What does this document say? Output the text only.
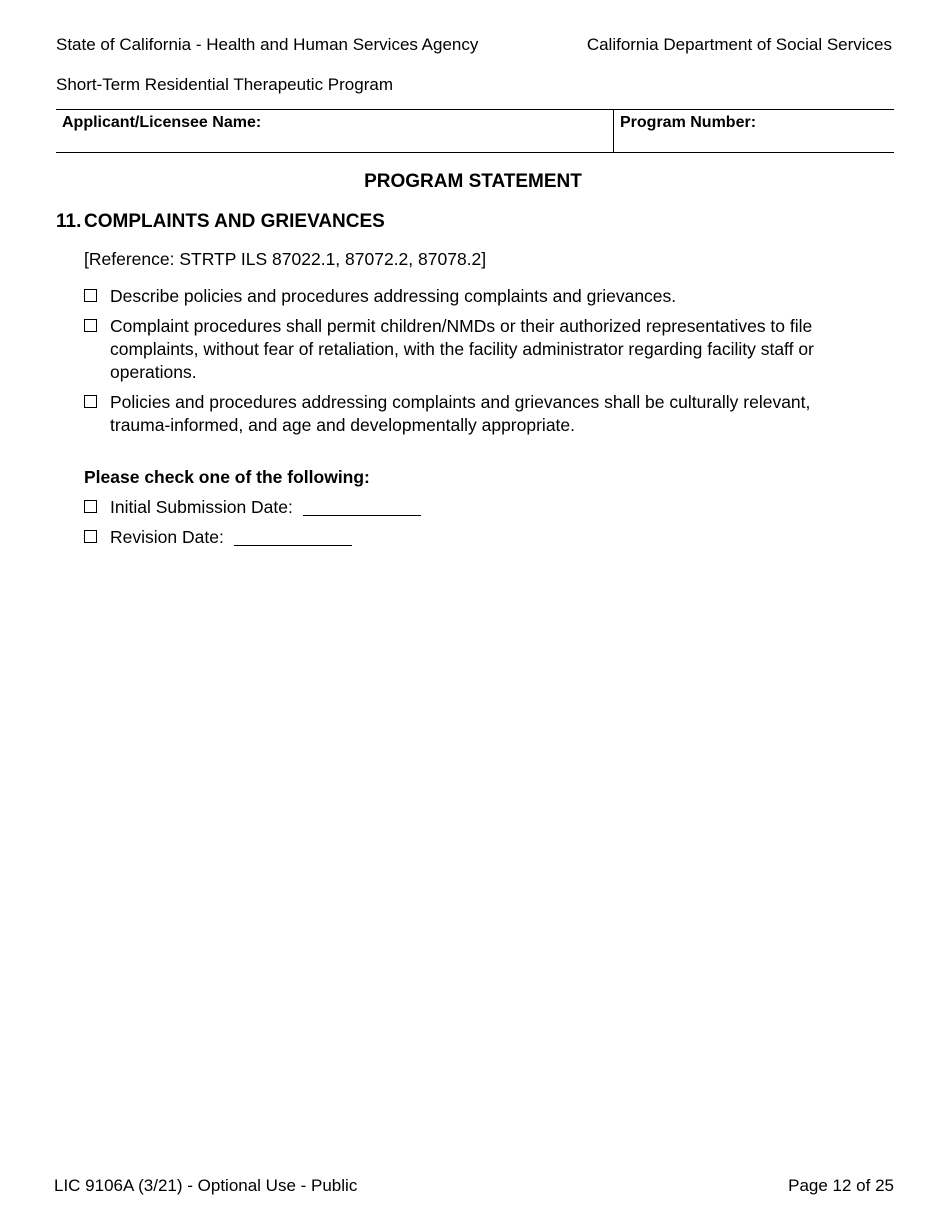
State of California - Health and Human Services Agency	California Department of Social Services
Short-Term Residential Therapeutic Program
Applicant/Licensee Name:	Program Number:
PROGRAM STATEMENT
11. COMPLAINTS AND GRIEVANCES
[Reference: STRTP ILS 87022.1, 87072.2, 87078.2]
Describe policies and procedures addressing complaints and grievances.
Complaint procedures shall permit children/NMDs or their authorized representatives to file complaints, without fear of retaliation, with the facility administrator regarding facility staff or operations.
Policies and procedures addressing complaints and grievances shall be culturally relevant, trauma-informed, and age and developmentally appropriate.
Please check one of the following:
Initial Submission Date:
Revision Date:
LIC 9106A (3/21) - Optional Use - Public	Page 12 of 25
